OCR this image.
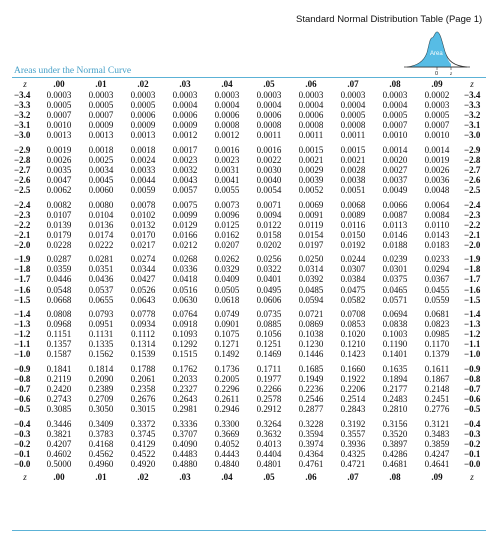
Standard Normal Distribution Table (Page 1)
Area
0 z
Areas under the Normal Curve
z	.00	.01	.02	.03	.04	.05	.06	.07	.08	.09	z
−3.4	0.0003	0.0003	0.0003	0.0003	0.0003	0.0003	0.0003	0.0003	0.0003	0.0002	−3.4
−3.3	0.0005	0.0005	0.0005	0.0004	0.0004	0.0004	0.0004	0.0004	0.0004	0.0003	−3.3
−3.2	0.0007	0.0007	0.0006	0.0006	0.0006	0.0006	0.0006	0.0005	0.0005	0.0005	−3.2
−3.1	0.0010	0.0009	0.0009	0.0009	0.0008	0.0008	0.0008	0.0008	0.0007	0.0007	−3.1
−3.0	0.0013	0.0013	0.0013	0.0012	0.0012	0.0011	0.0011	0.0011	0.0010	0.0010	−3.0

−2.9	0.0019	0.0018	0.0018	0.0017	0.0016	0.0016	0.0015	0.0015	0.0014	0.0014	−2.9
−2.8	0.0026	0.0025	0.0024	0.0023	0.0023	0.0022	0.0021	0.0021	0.0020	0.0019	−2.8
−2.7	0.0035	0.0034	0.0033	0.0032	0.0031	0.0030	0.0029	0.0028	0.0027	0.0026	−2.7
−2.6	0.0047	0.0045	0.0044	0.0043	0.0041	0.0040	0.0039	0.0038	0.0037	0.0036	−2.6
−2.5	0.0062	0.0060	0.0059	0.0057	0.0055	0.0054	0.0052	0.0051	0.0049	0.0048	−2.5

−2.4	0.0082	0.0080	0.0078	0.0075	0.0073	0.0071	0.0069	0.0068	0.0066	0.0064	−2.4
−2.3	0.0107	0.0104	0.0102	0.0099	0.0096	0.0094	0.0091	0.0089	0.0087	0.0084	−2.3
−2.2	0.0139	0.0136	0.0132	0.0129	0.0125	0.0122	0.0119	0.0116	0.0113	0.0110	−2.2
−2.1	0.0179	0.0174	0.0170	0.0166	0.0162	0.0158	0.0154	0.0150	0.0146	0.0143	−2.1
−2.0	0.0228	0.0222	0.0217	0.0212	0.0207	0.0202	0.0197	0.0192	0.0188	0.0183	−2.0

−1.9	0.0287	0.0281	0.0274	0.0268	0.0262	0.0256	0.0250	0.0244	0.0239	0.0233	−1.9
−1.8	0.0359	0.0351	0.0344	0.0336	0.0329	0.0322	0.0314	0.0307	0.0301	0.0294	−1.8
−1.7	0.0446	0.0436	0.0427	0.0418	0.0409	0.0401	0.0392	0.0384	0.0375	0.0367	−1.7
−1.6	0.0548	0.0537	0.0526	0.0516	0.0505	0.0495	0.0485	0.0475	0.0465	0.0455	−1.6
−1.5	0.0668	0.0655	0.0643	0.0630	0.0618	0.0606	0.0594	0.0582	0.0571	0.0559	−1.5

−1.4	0.0808	0.0793	0.0778	0.0764	0.0749	0.0735	0.0721	0.0708	0.0694	0.0681	−1.4
−1.3	0.0968	0.0951	0.0934	0.0918	0.0901	0.0885	0.0869	0.0853	0.0838	0.0823	−1.3
−1.2	0.1151	0.1131	0.1112	0.1093	0.1075	0.1056	0.1038	0.1020	0.1003	0.0985	−1.2
−1.1	0.1357	0.1335	0.1314	0.1292	0.1271	0.1251	0.1230	0.1210	0.1190	0.1170	−1.1
−1.0	0.1587	0.1562	0.1539	0.1515	0.1492	0.1469	0.1446	0.1423	0.1401	0.1379	−1.0

−0.9	0.1841	0.1814	0.1788	0.1762	0.1736	0.1711	0.1685	0.1660	0.1635	0.1611	−0.9
−0.8	0.2119	0.2090	0.2061	0.2033	0.2005	0.1977	0.1949	0.1922	0.1894	0.1867	−0.8
−0.7	0.2420	0.2389	0.2358	0.2327	0.2296	0.2266	0.2236	0.2206	0.2177	0.2148	−0.7
−0.6	0.2743	0.2709	0.2676	0.2643	0.2611	0.2578	0.2546	0.2514	0.2483	0.2451	−0.6
−0.5	0.3085	0.3050	0.3015	0.2981	0.2946	0.2912	0.2877	0.2843	0.2810	0.2776	−0.5

−0.4	0.3446	0.3409	0.3372	0.3336	0.3300	0.3264	0.3228	0.3192	0.3156	0.3121	−0.4
−0.3	0.3821	0.3783	0.3745	0.3707	0.3669	0.3632	0.3594	0.3557	0.3520	0.3483	−0.3
−0.2	0.4207	0.4168	0.4129	0.4090	0.4052	0.4013	0.3974	0.3936	0.3897	0.3859	−0.2
−0.1	0.4602	0.4562	0.4522	0.4483	0.4443	0.4404	0.4364	0.4325	0.4286	0.4247	−0.1
−0.0	0.5000	0.4960	0.4920	0.4880	0.4840	0.4801	0.4761	0.4721	0.4681	0.4641	−0.0
z	.00	.01	.02	.03	.04	.05	.06	.07	.08	.09	z
